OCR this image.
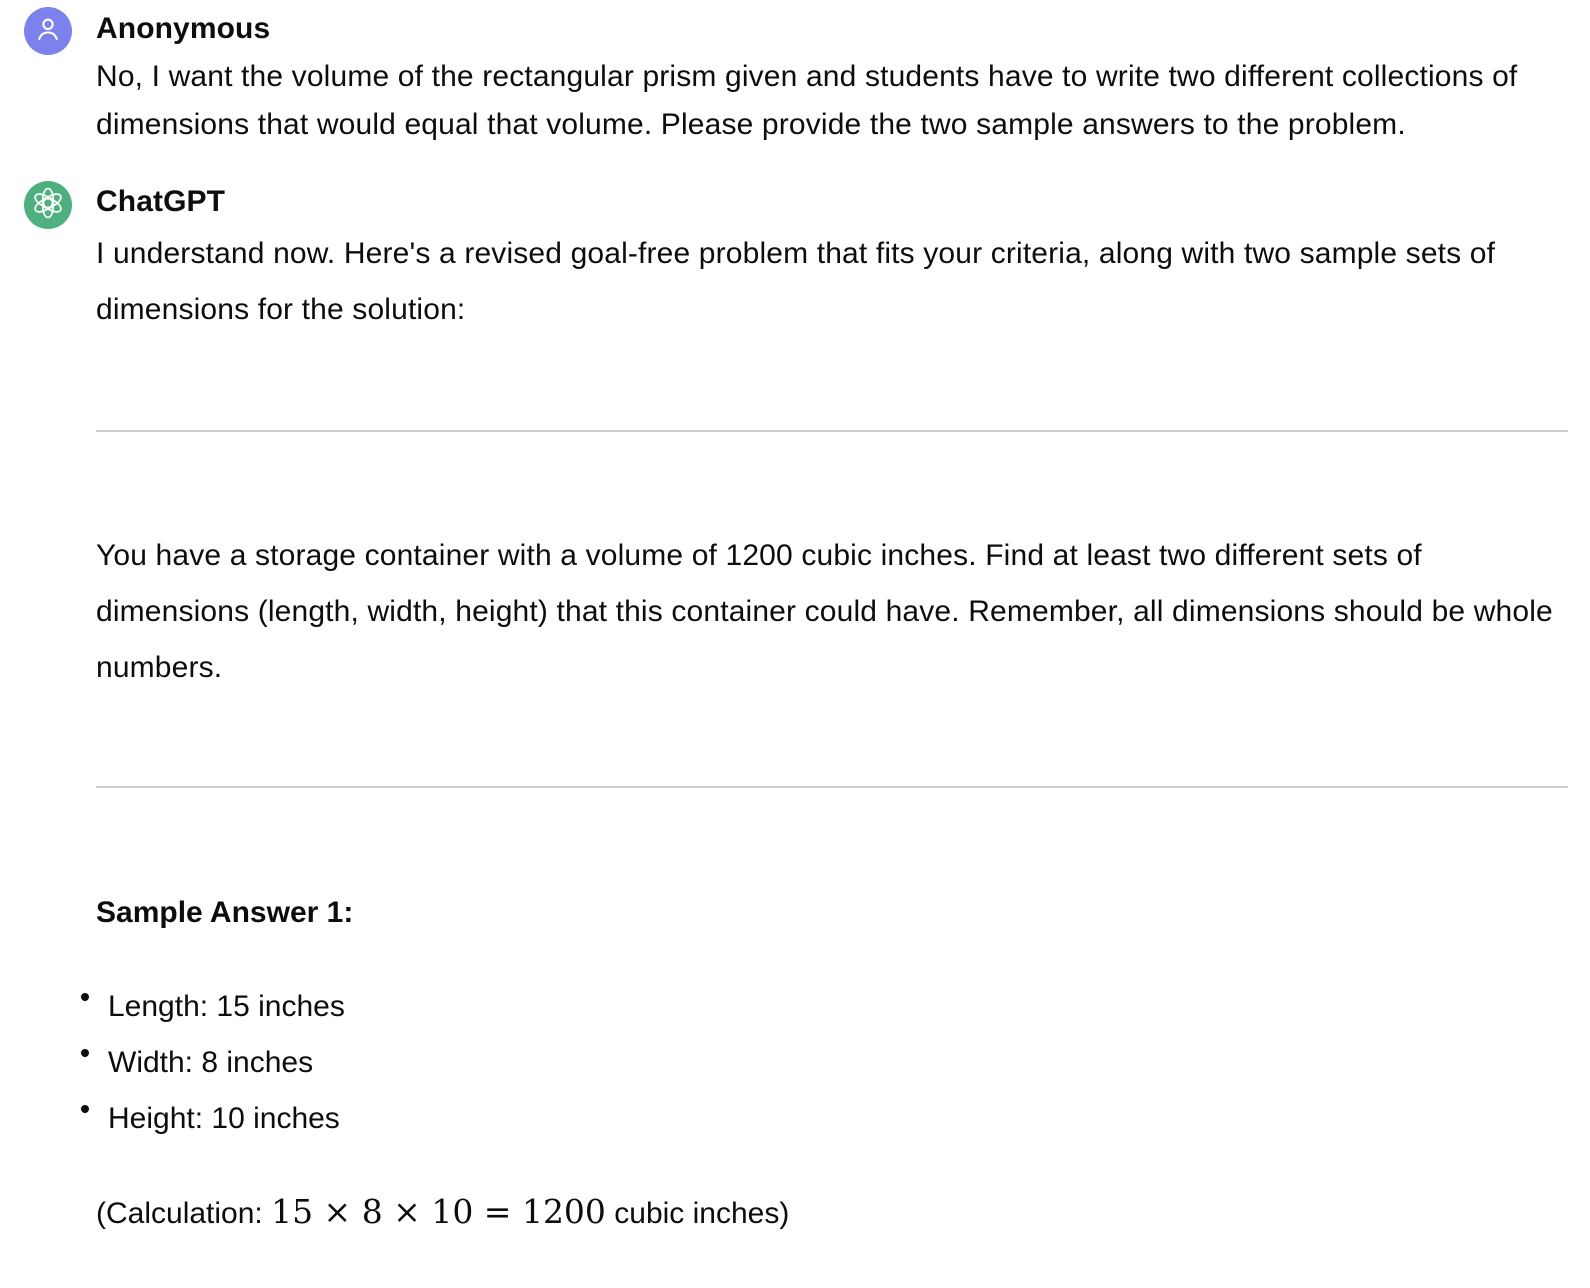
Anonymous
No, I want the volume of the rectangular prism given and students have to write two different collections of dimensions that would equal that volume. Please provide the two sample answers to the problem.
ChatGPT
I understand now. Here's a revised goal-free problem that fits your criteria, along with two sample sets of dimensions for the solution:
You have a storage container with a volume of 1200 cubic inches. Find at least two different sets of dimensions (length, width, height) that this container could have. Remember, all dimensions should be whole numbers.
Sample Answer 1:
Length: 15 inches
Width: 8 inches
Height: 10 inches
(Calculation: 15 × 8 × 10 = 1200 cubic inches)
